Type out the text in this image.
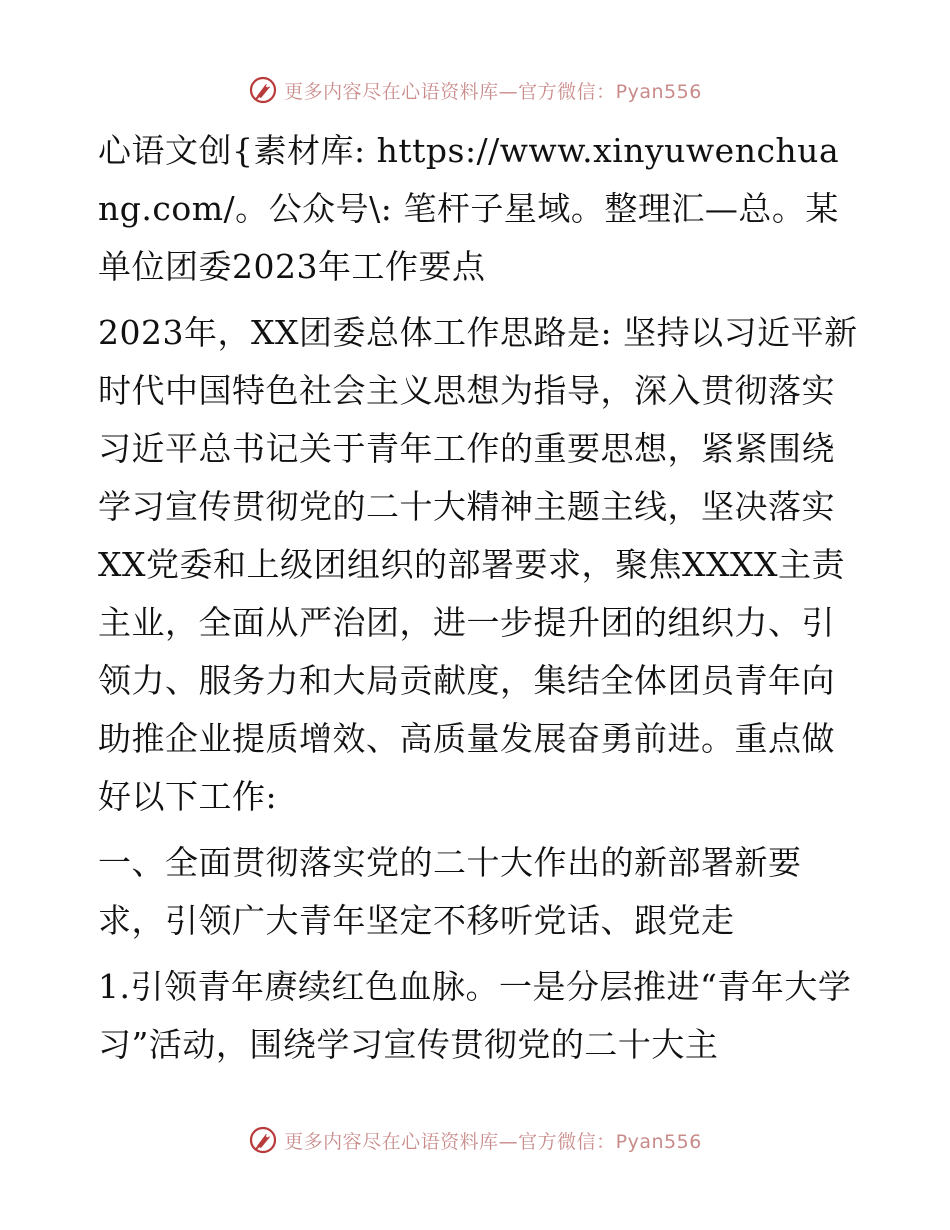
更多内容尽在心语资料库—官方微信：Pyan556

心语文创{素材库: https://www.xinyuwenchuang.com/。公众号\: 笔杆子星域。整理汇—总。某单位团委2023年工作要点

2023年，XX团委总体工作思路是: 坚持以习近平新时代中国特色社会主义思想为指导，深入贯彻落实习近平总书记关于青年工作的重要思想，紧紧围绕学习宣传贯彻党的二十大精神主题主线，坚决落实XX党委和上级团组织的部署要求，聚焦XXXX主责主业，全面从严治团，进一步提升团的组织力、引领力、服务力和大局贡献度，集结全体团员青年向助推企业提质增效、高质量发展奋勇前进。重点做好以下工作:

一、全面贯彻落实党的二十大作出的新部署新要求，引领广大青年坚定不移听党话、跟党走

1.引领青年赓续红色血脉。一是分层推进“青年大学习”活动，围绕学习宣传贯彻党的二十大主

更多内容尽在心语资料库—官方微信：Pyan556
